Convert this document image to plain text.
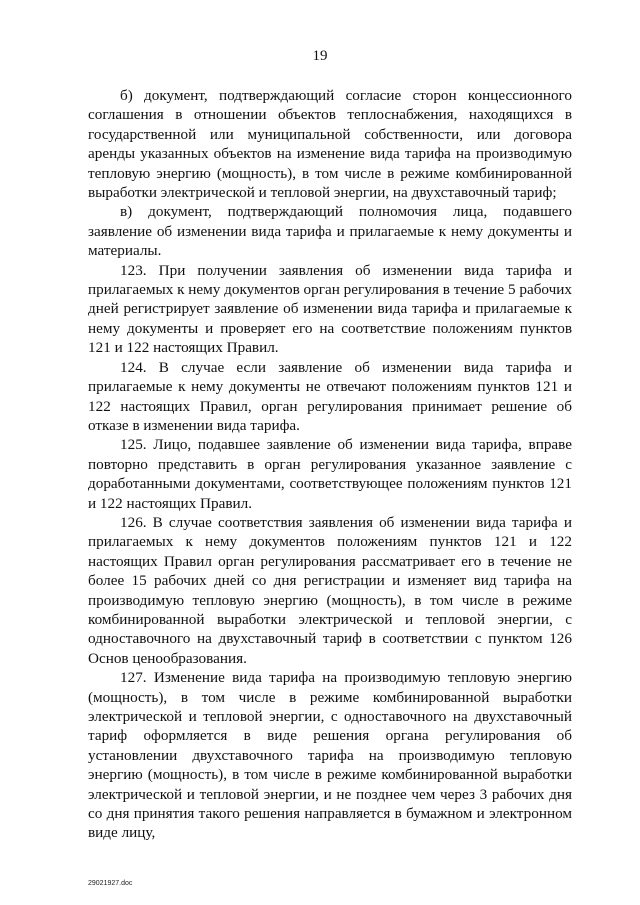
19

б) документ, подтверждающий согласие сторон концессионного соглашения в отношении объектов теплоснабжения, находящихся в государственной или муниципальной собственности, или договора аренды указанных объектов на изменение вида тарифа на производимую тепловую энергию (мощность), в том числе в режиме комбинированной выработки электрической и тепловой энергии, на двухставочный тариф;

в) документ, подтверждающий полномочия лица, подавшего заявление об изменении вида тарифа и прилагаемые к нему документы и материалы.

123. При получении заявления об изменении вида тарифа и прилагаемых к нему документов орган регулирования в течение 5 рабочих дней регистрирует заявление об изменении вида тарифа и прилагаемые к нему документы и проверяет его на соответствие положениям пунктов 121 и 122 настоящих Правил.

124. В случае если заявление об изменении вида тарифа и прилагаемые к нему документы не отвечают положениям пунктов 121 и 122 настоящих Правил, орган регулирования принимает решение об отказе в изменении вида тарифа.

125. Лицо, подавшее заявление об изменении вида тарифа, вправе повторно представить в орган регулирования указанное заявление с доработанными документами, соответствующее положениям пунктов 121 и 122 настоящих Правил.

126. В случае соответствия заявления об изменении вида тарифа и прилагаемых к нему документов положениям пунктов 121 и 122 настоящих Правил орган регулирования рассматривает его в течение не более 15 рабочих дней со дня регистрации и изменяет вид тарифа на производимую тепловую энергию (мощность), в том числе в режиме комбинированной выработки электрической и тепловой энергии, с одноставочного на двухставочный тариф в соответствии с пунктом 126 Основ ценообразования.

127. Изменение вида тарифа на производимую тепловую энергию (мощность), в том числе в режиме комбинированной выработки электрической и тепловой энергии, с одноставочного на двухставочный тариф оформляется в виде решения органа регулирования об установлении двухставочного тарифа на производимую тепловую энергию (мощность), в том числе в режиме комбинированной выработки электрической и тепловой энергии, и не позднее чем через 3 рабочих дня со дня принятия такого решения направляется в бумажном и электронном виде лицу,

29021927.doc
